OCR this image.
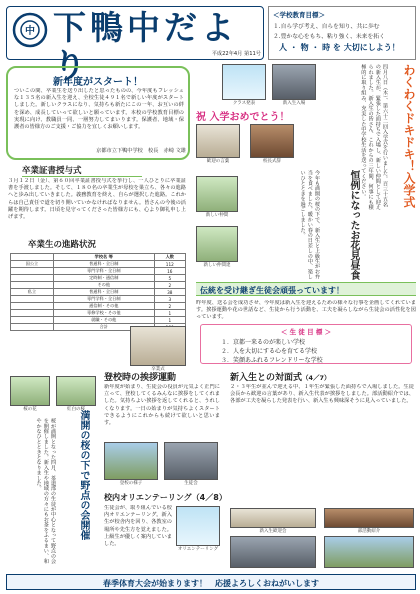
中 下鴨中だより	平成22年4月 第11号
＜学校教育目標＞
１.自ら学び考え、自らを知り、共に歩む
２.豊かな心をもち、粘り強く、未来を拓く
人 ・ 物 ・ 時 を 大切にしよう！
新年度がスタート！
ついこの間、卒業生を送り出したと思ったものの、今年度もフレッシュな１３５名の新入生を迎え、全校生徒４９１名で新しい年度がスタートしました。新しいクラスになり、気持ちも新たにこの一年、お互いの絆を深め、成長していって欲しいと願っています。本校の学校教育目標の実現に向け、教職員一同、一層努力してまいります。保護者、地域・保護者の皆様方のご支援・ご協力を宜しくお願いします。
京都市立下鴨中学校　校長　赤崎 文雄
クラス発表	新入生入場
祝 入学おめでとう！
歓迎の言葉	校長式辞	四月八日（木）、第六十二回入学式を行いました。百三十五名の新入生が、緊張した面持ちで入場し、新しい仲間として迎えられました。新入生の皆さん、これからの三年間、何事にも積極的に取り組み、充実した中学校生活を送ってください。	わくわくドキドキ！入学式
今年も満開の桜の下で、新入生と上級生がお弁当を食べました。暖かい春の日差しの中、楽しいひとときを過ごしました。	恒例になったお花見昼食
新しい仲間
新しい仲間達
卒業証書授与式
３月１２日（金）、第６０回卒業証書授与式を挙行し、一人ひとりに卒業証書を手渡しました。そして、１８０名の卒業生が母校を巣立ち、各々の進路へと歩み出していきました。義務教育を終え、自らが選択した進路。これからは自己責任で道を切り開いていかなければなりません。皆さんの今後の活躍を期待します。日頃を見守ってくださった皆様方にも、心より御礼申し上げます。
卒業生の進路状況
	学校名 等	人数
国公立	普通科・全日制	112
	専門学科・全日制	16
	定時制・通信制	5
	その他	2
私立	普通科・全日制	38
	専門学科・全日制	3
	通信制・その他	2
	専修学校・その他	1
	就職・その他	1
	合計	
卒業式
伝統を受け継ぎ生徒会頑張っています！
昨年度、送る会を成功させ、今年度は新入生を迎えるための様々な行事を企画してくれています。挨拶運動や花の世話など、生徒から行う活動を、工夫を凝らしながら生徒会の活性化を図っています。
＜ 生 徒 目 標 ＞
１．京都一来るのが楽しい学校
２．人を大切にする心を育てる学校
３．笑顔あふれるフレンドリーな学校
桜の花	紅白の桜
桜が満開となった四月、茶道部の生徒が中心となって野点の会を開催しました。新入生や地域の方々にもお茶をふるまい、和やかなひとときとなりました。	満開の桜の下で野点の会開催
登校時の挨拶運動
新年度が始まり、生徒会の役員が元気よく正門に立って、登校してくるみんなに挨拶をしてくれました。気持ちよい挨拶を返してくれると、うれしくなります。一日の始まりが気持ちよくスタートできるようにこれからも続けて欲しいと思います。
登校の様子	生徒会
校内オリエンテーリング（4／8）
生徒会が、取り組んでいる校内オリエンテーリング。新入生が校舎内を回り、各教室の場所や先生方を覚えました。上級生が優しく案内していました。
オリエンテーリング
新入生との対面式（4／7）
２・３年生が並んで迎える中、１年生が緊張した面持ちで入場しました。生徒会長から歓迎の言葉があり、新入生代表が挨拶をしました。部活動紹介では、各部が工夫を凝らした発表を行い、新入生も興味深そうに見入っていました。
新入生歓迎会	部活動紹介
春季体育大会が始まります！　応援よろしくおねがいします
